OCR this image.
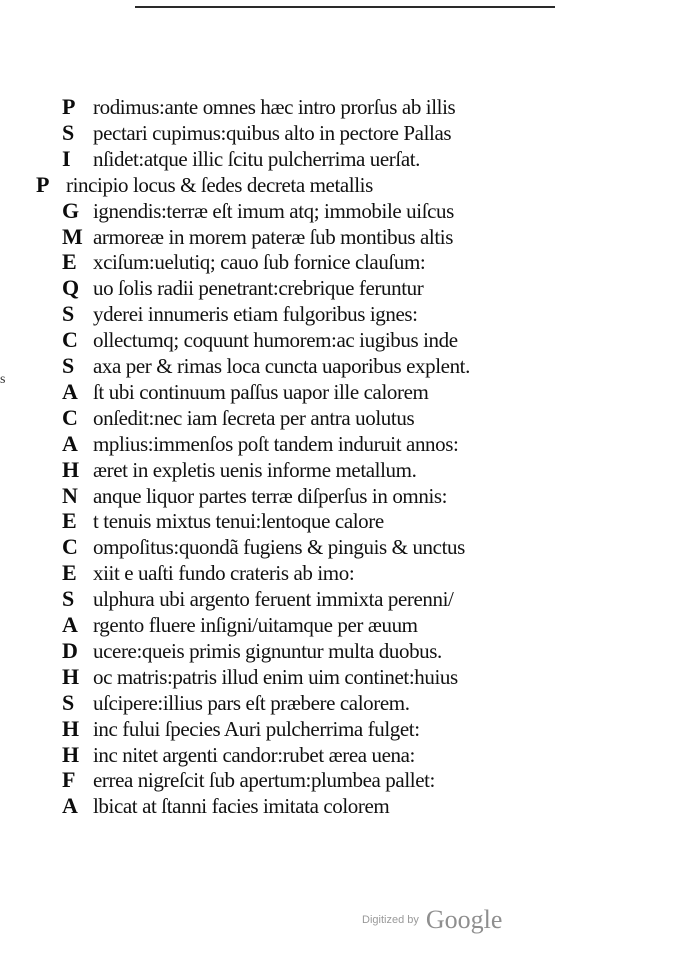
s
P rodimus:ante omnes hæc intro prorſus ab illis
S pectari cupimus:quibus alto in pectore Pallas
I nſidet:atque illic ſcitu pulcherrima uerſat.
P rincipio locus & ſedes decreta metallis
G ignendis:terræ eſt imum atq; immobile uiſcus
M armoreæ in morem pateræ ſub montibus altis
E xciſum:uelutiq; cauo ſub fornice clauſum:
Q uo ſolis radii penetrant:crebrique feruntur
S yderei innumeris etiam fulgoribus ignes:
C ollectumq; coquunt humorem:ac iugibus inde
S axa per & rimas loca cuncta uaporibus explent.
A ſt ubi continuum paſſus uapor ille calorem
C onſedit:nec iam ſecreta per antra uolutus
A mplius:immenſos poſt tandem induruit annos:
H æret in expletis uenis informe metallum.
N anque liquor partes terræ diſperſus in omnis:
E t tenuis mixtus tenui:lentoque calore
C ompoſitus:quondã fugiens & pinguis & unctus
E xiit e uaſti fundo crateris ab imo:
S ulphura ubi argento feruent immixta perenni/
A rgento fluere inſigni/uitamque per æuum
D ucere:queis primis gignuntur multa duobus.
H oc matris:patris illud enim uim continet:huius
S uſcipere:illius pars eſt præbere calorem.
H inc fului ſpecies Auri pulcherrima fulget:
H inc nitet argenti candor:rubet ærea uena:
F errea nigreſcit ſub apertum:plumbea pallet:
A lbicat at ſtanni facies imitata colorem
Digitized by Google
